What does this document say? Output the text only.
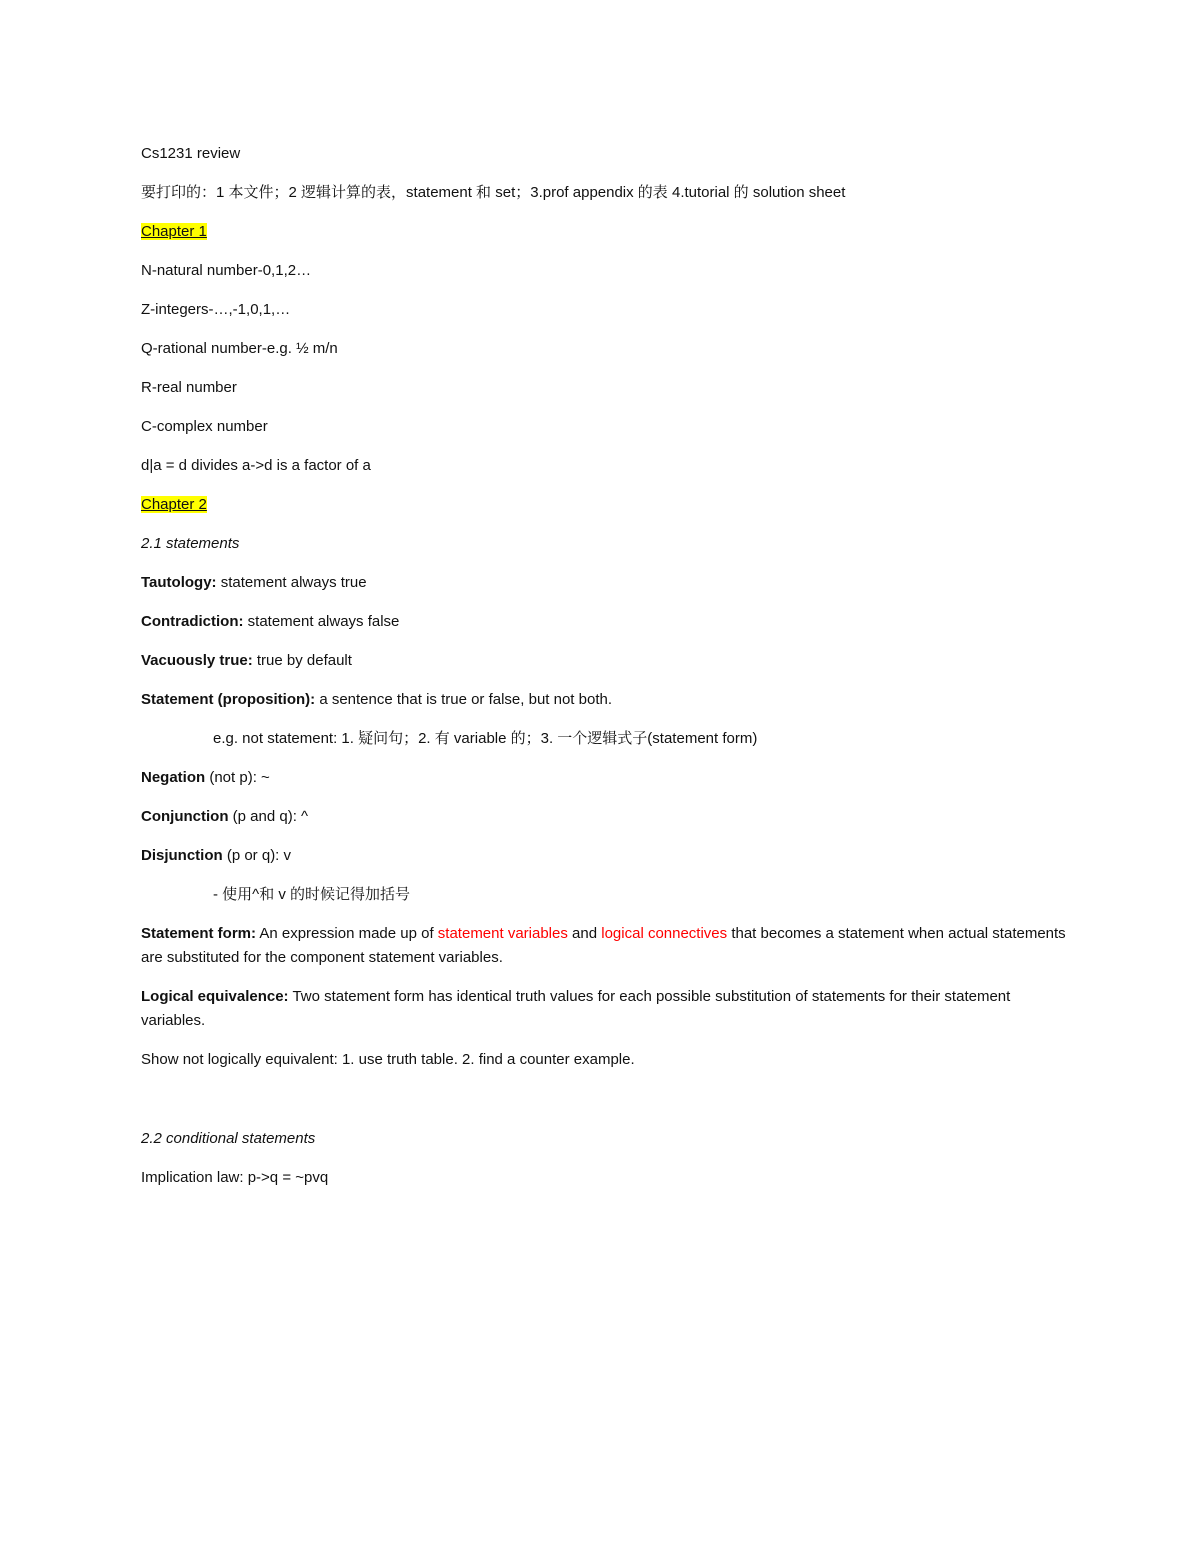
Cs1231 review

要打印的：1 本文件；2 逻辑计算的表，statement 和 set；3.prof appendix 的表 4.tutorial 的 solution sheet

Chapter 1

N-natural number-0,1,2…

Z-integers-…,-1,0,1,…

Q-rational number-e.g. ½ m/n

R-real number

C-complex number

d|a = d divides a->d is a factor of a

Chapter 2

2.1 statements

Tautology: statement always true

Contradiction: statement always false

Vacuously true: true by default

Statement (proposition): a sentence that is true or false, but not both.

e.g. not statement: 1. 疑问句；2. 有 variable 的；3. 一个逻辑式子(statement form)

Negation (not p): ~

Conjunction (p and q): ^

Disjunction (p or q): v

- 使用^和 v 的时候记得加括号

Statement form: An expression made up of statement variables and logical connectives that becomes a statement when actual statements are substituted for the component statement variables.

Logical equivalence: Two statement form has identical truth values for each possible substitution of statements for their statement variables.

Show not logically equivalent: 1. use truth table. 2. find a counter example.

2.2 conditional statements

Implication law: p->q = ~pvq
